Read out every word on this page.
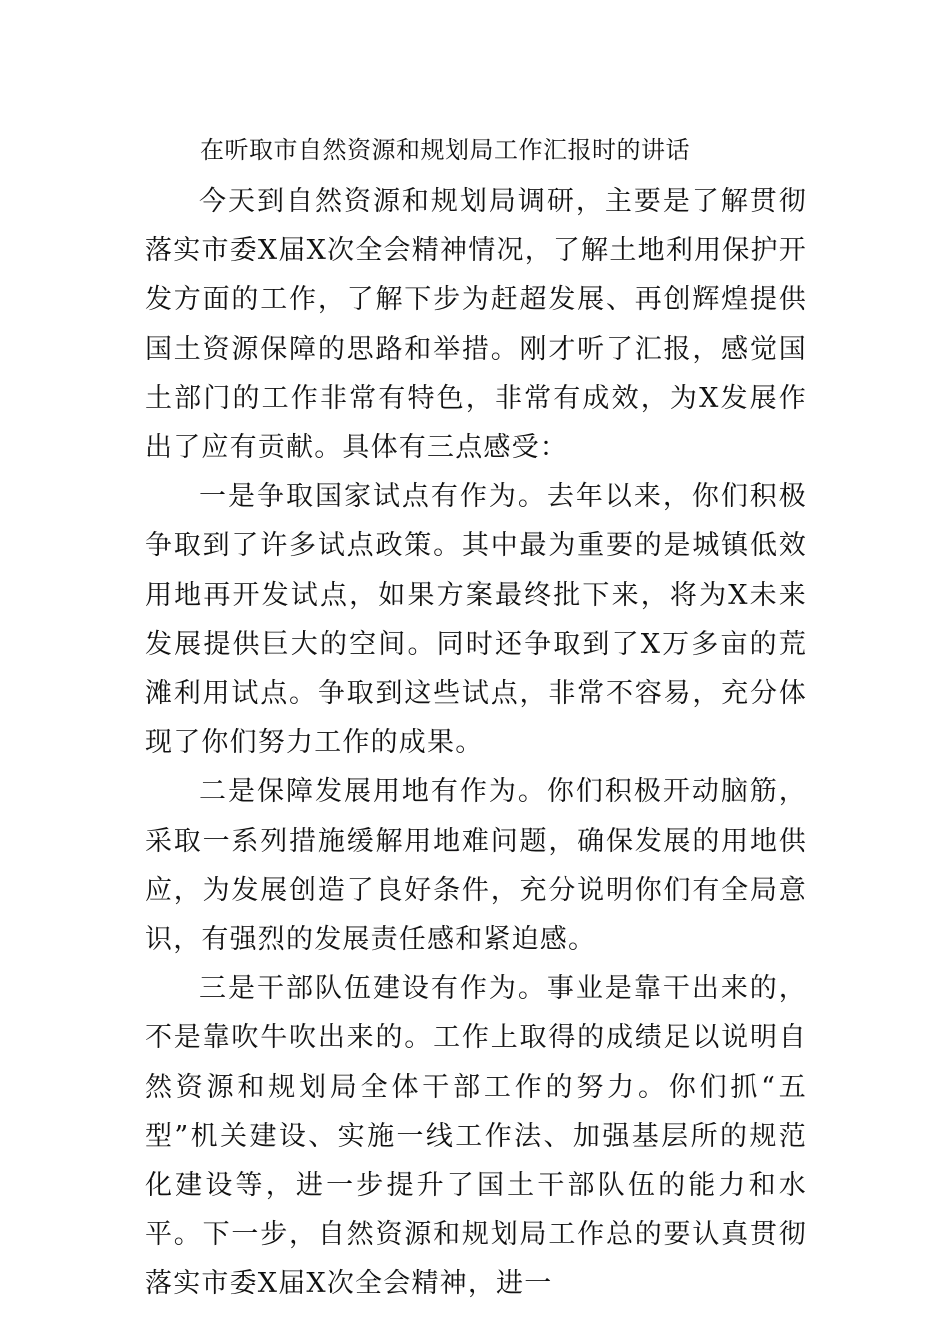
在听取市自然资源和规划局工作汇报时的讲话

今天到自然资源和规划局调研，主要是了解贯彻落实市委X届X次全会精神情况，了解土地利用保护开发方面的工作，了解下步为赶超发展、再创辉煌提供国土资源保障的思路和举措。刚才听了汇报，感觉国土部门的工作非常有特色，非常有成效，为X发展作出了应有贡献。具体有三点感受：

一是争取国家试点有作为。去年以来，你们积极争取到了许多试点政策。其中最为重要的是城镇低效用地再开发试点，如果方案最终批下来，将为X未来发展提供巨大的空间。同时还争取到了X万多亩的荒滩利用试点。争取到这些试点，非常不容易，充分体现了你们努力工作的成果。

二是保障发展用地有作为。你们积极开动脑筋，采取一系列措施缓解用地难问题，确保发展的用地供应，为发展创造了良好条件，充分说明你们有全局意识，有强烈的发展责任感和紧迫感。

三是干部队伍建设有作为。事业是靠干出来的，不是靠吹牛吹出来的。工作上取得的成绩足以说明自然资源和规划局全体干部工作的努力。你们抓“五型”机关建设、实施一线工作法、加强基层所的规范化建设等，进一步提升了国土干部队伍的能力和水平。下一步，自然资源和规划局工作总的要认真贯彻落实市委X届X次全会精神，进一
